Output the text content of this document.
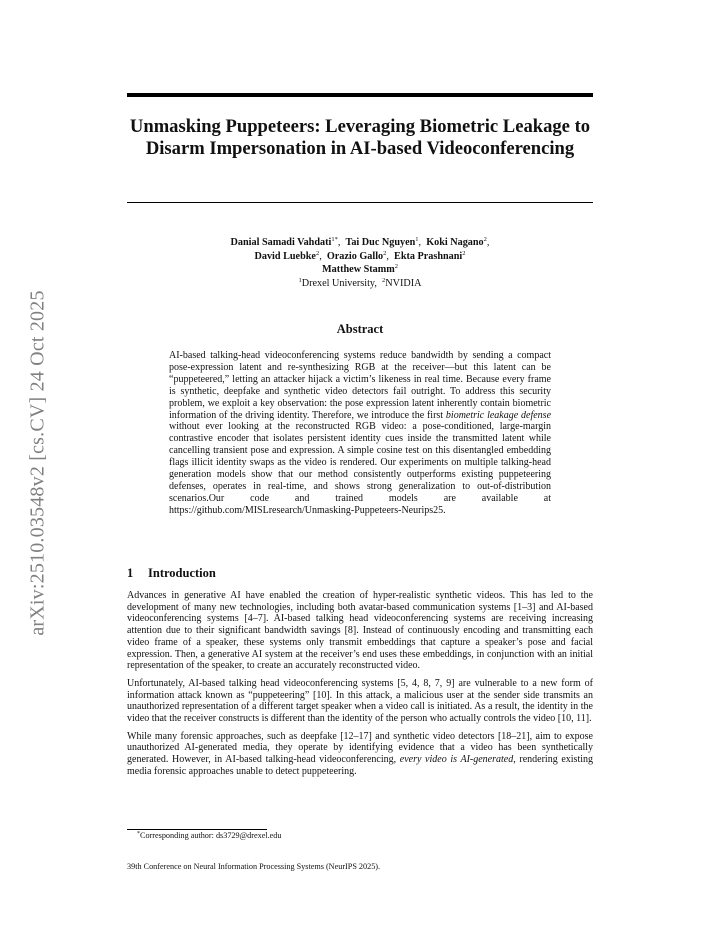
arXiv:2510.03548v2 [cs.CV] 24 Oct 2025
Unmasking Puppeteers: Leveraging Biometric Leakage to Disarm Impersonation in AI-based Videoconferencing
Danial Samadi Vahdati$^{1*}$,  Tai Duc Nguyen$^1$,  Koki Nagano$^2$,
David Luebke$^2$,  Orazio Gallo$^2$,  Ekta Prashnani$^2$
Matthew Stamm$^2$
$^1$Drexel University, $^2$NVIDIA
Abstract
AI-based talking-head videoconferencing systems reduce bandwidth by sending a compact pose-expression latent and re-synthesizing RGB at the receiver—but this latent can be “puppeteered,” letting an attacker hijack a victim’s likeness in real time. Because every frame is synthetic, deepfake and synthetic video detectors fail outright. To address this security problem, we exploit a key observation: the pose expression latent inherently contain biometric information of the driving identity. Therefore, we introduce the first biometric leakage defense without ever looking at the reconstructed RGB video: a pose-conditioned, large-margin contrastive encoder that isolates persistent identity cues inside the transmitted latent while cancelling transient pose and expression. A simple cosine test on this disentangled embedding flags illicit identity swaps as the video is rendered. Our experiments on multiple talking-head generation models show that our method consistently outperforms existing puppeteering defenses, operates in real-time, and shows strong generalization to out-of-distribution scenarios.Our code and trained models are available at https://github.com/MISLresearch/Unmasking-Puppeteers-Neurips25.
1 Introduction

Advances in generative AI have enabled the creation of hyper-realistic synthetic videos. This has led to the development of many new technologies, including both avatar-based communication systems [1–3] and AI-based videoconferencing systems [4–7]. AI-based talking head videoconferencing systems are receiving increasing attention due to their significant bandwidth savings [8]. Instead of continuously encoding and transmitting each video frame of a speaker, these systems only transmit embeddings that capture a speaker’s pose and facial expression. Then, a generative AI system at the receiver’s end uses these embeddings, in conjunction with an initial representation of the speaker, to create an accurately reconstructed video.

Unfortunately, AI-based talking head videoconferencing systems [5, 4, 8, 7, 9] are vulnerable to a new form of information attack known as “puppeteering” [10]. In this attack, a malicious user at the sender side transmits an unauthorized representation of a different target speaker when a video call is initiated. As a result, the identity in the video that the receiver constructs is different than the identity of the person who actually controls the video [10, 11].

While many forensic approaches, such as deepfake [12–17] and synthetic video detectors [18–21], aim to expose unauthorized AI-generated media, they operate by identifying evidence that a video has been synthetically generated. However, in AI-based talking-head videoconferencing, every video is AI-generated, rendering existing media forensic approaches unable to detect puppeteering.

*Corresponding author: ds3729@drexel.edu
39th Conference on Neural Information Processing Systems (NeurIPS 2025).
